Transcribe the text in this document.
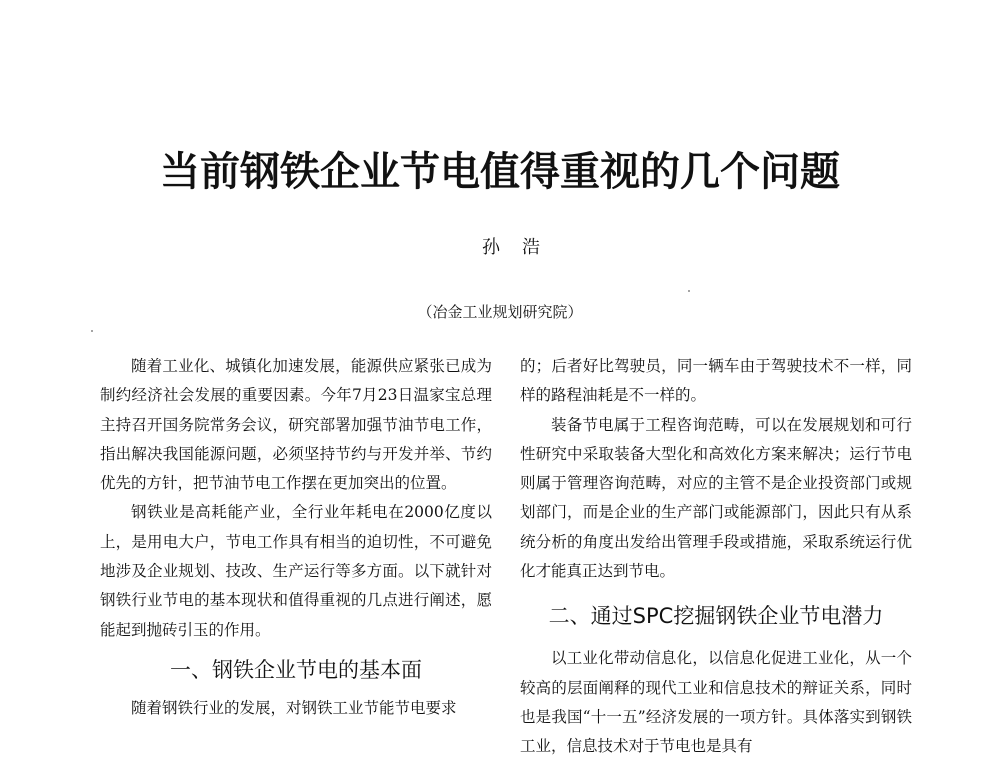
当前钢铁企业节电值得重视的几个问题

孙浩

（冶金工业规划研究院）

随着工业化、城镇化加速发展，能源供应紧张已成为制约经济社会发展的重要因素。今年7月23日温家宝总理主持召开国务院常务会议，研究部署加强节油节电工作，指出解决我国能源问题，必须坚持节约与开发并举、节约优先的方针，把节油节电工作摆在更加突出的位置。

钢铁业是高耗能产业，全行业年耗电在2000亿度以上，是用电大户，节电工作具有相当的迫切性，不可避免地涉及企业规划、技改、生产运行等多方面。以下就针对钢铁行业节电的基本现状和值得重视的几点进行阐述，愿能起到抛砖引玉的作用。

一、钢铁企业节电的基本面

随着钢铁行业的发展，对钢铁工业节能节电要求

的；后者好比驾驶员，同一辆车由于驾驶技术不一样，同样的路程油耗是不一样的。

装备节电属于工程咨询范畴，可以在发展规划和可行性研究中采取装备大型化和高效化方案来解决；运行节电则属于管理咨询范畴，对应的主管不是企业投资部门或规划部门，而是企业的生产部门或能源部门，因此只有从系统分析的角度出发给出管理手段或措施，采取系统运行优化才能真正达到节电。

二、通过SPC挖掘钢铁企业节电潜力

以工业化带动信息化，以信息化促进工业化，从一个较高的层面阐释的现代工业和信息技术的辩证关系，同时也是我国“十一五”经济发展的一项方针。具体落实到钢铁工业，信息技术对于节电也是具有
